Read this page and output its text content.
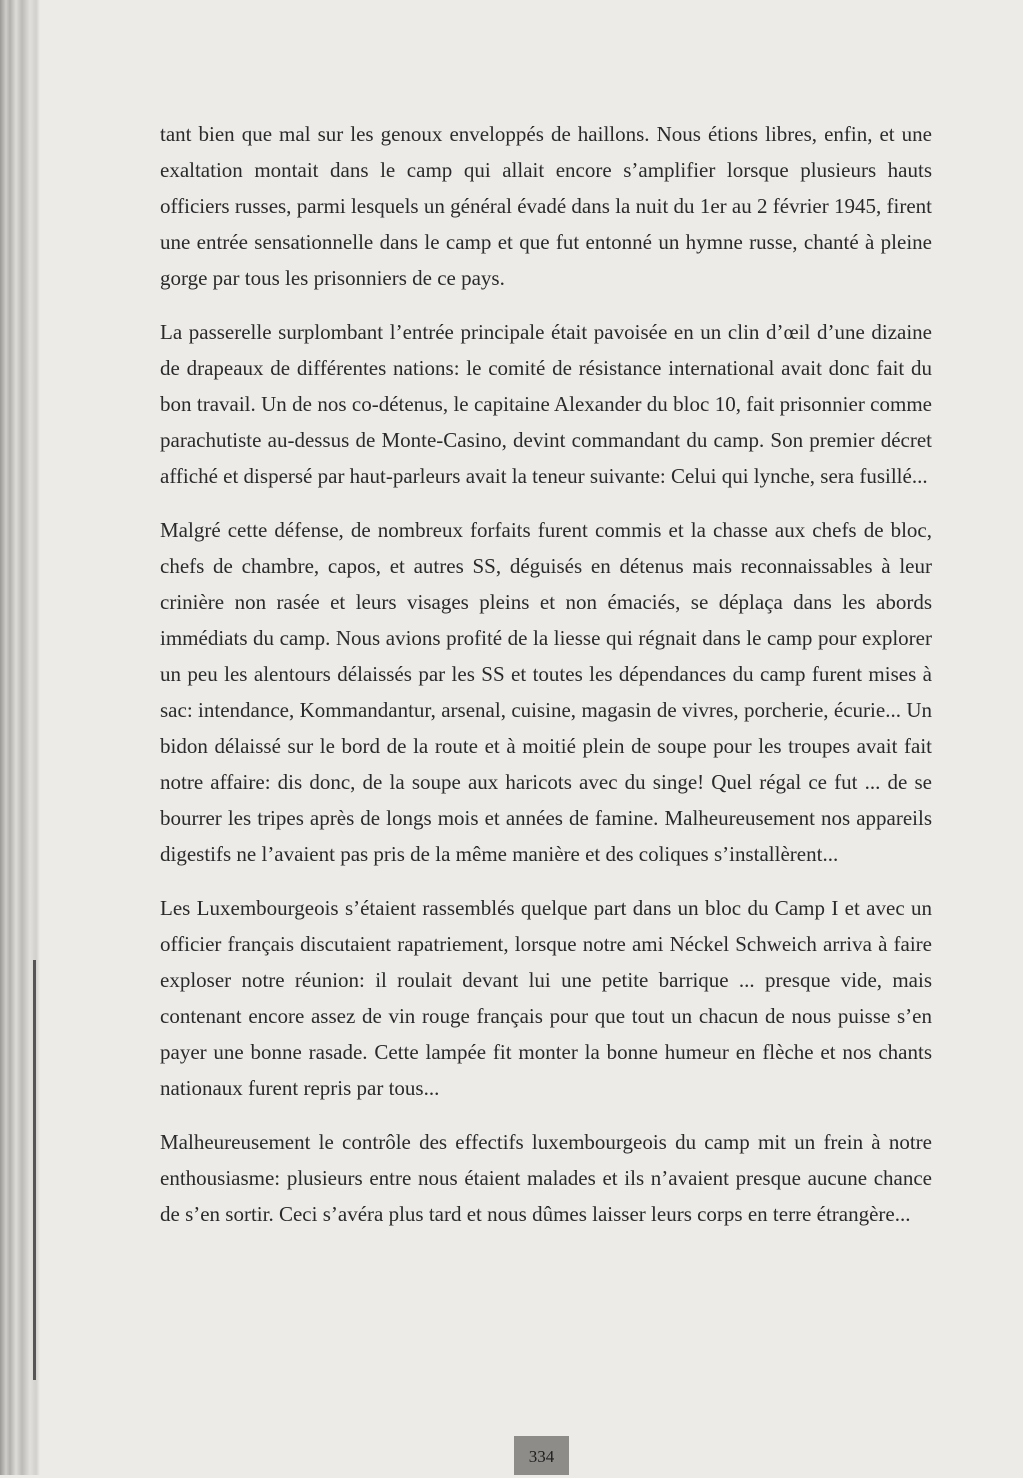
tant bien que mal sur les genoux enveloppés de haillons. Nous étions libres, enfin, et une exaltation montait dans le camp qui allait encore s’amplifier lorsque plusieurs hauts officiers russes, parmi lesquels un général évadé dans la nuit du 1er au 2 février 1945, firent une entrée sensationnelle dans le camp et que fut entonné un hymne russe, chanté à pleine gorge par tous les prisonniers de ce pays.

La passerelle surplombant l’entrée principale était pavoisée en un clin d’œil d’une dizaine de drapeaux de différentes nations: le comité de résistance international avait donc fait du bon travail. Un de nos co-détenus, le capitaine Alexander du bloc 10, fait prisonnier comme parachutiste au-dessus de Monte-Casino, devint commandant du camp. Son premier décret affiché et dispersé par haut-parleurs avait la teneur suivante: Celui qui lynche, sera fusillé...

Malgré cette défense, de nombreux forfaits furent commis et la chasse aux chefs de bloc, chefs de chambre, capos, et autres SS, déguisés en détenus mais reconnaissables à leur crinière non rasée et leurs visages pleins et non émaciés, se déplaça dans les abords immédiats du camp. Nous avions profité de la liesse qui régnait dans le camp pour explorer un peu les alentours délaissés par les SS et toutes les dépendances du camp furent mises à sac: intendance, Kommandantur, arsenal, cuisine, magasin de vivres, porcherie, écurie... Un bidon délaissé sur le bord de la route et à moitié plein de soupe pour les troupes avait fait notre affaire: dis donc, de la soupe aux haricots avec du singe! Quel régal ce fut ... de se bourrer les tripes après de longs mois et années de famine. Malheureusement nos appareils digestifs ne l’avaient pas pris de la même manière et des coliques s’installèrent...

Les Luxembourgeois s’étaient rassemblés quelque part dans un bloc du Camp I et avec un officier français discutaient rapatriement, lorsque notre ami Néckel Schweich arriva à faire exploser notre réunion: il roulait devant lui une petite barrique ... presque vide, mais contenant encore assez de vin rouge français pour que tout un chacun de nous puisse s’en payer une bonne rasade. Cette lampée fit monter la bonne humeur en flèche et nos chants nationaux furent repris par tous...

Malheureusement le contrôle des effectifs luxembourgeois du camp mit un frein à notre enthousiasme: plusieurs entre nous étaient malades et ils n’avaient presque aucune chance de s’en sortir. Ceci s’avéra plus tard et nous dûmes laisser leurs corps en terre étrangère...

334
